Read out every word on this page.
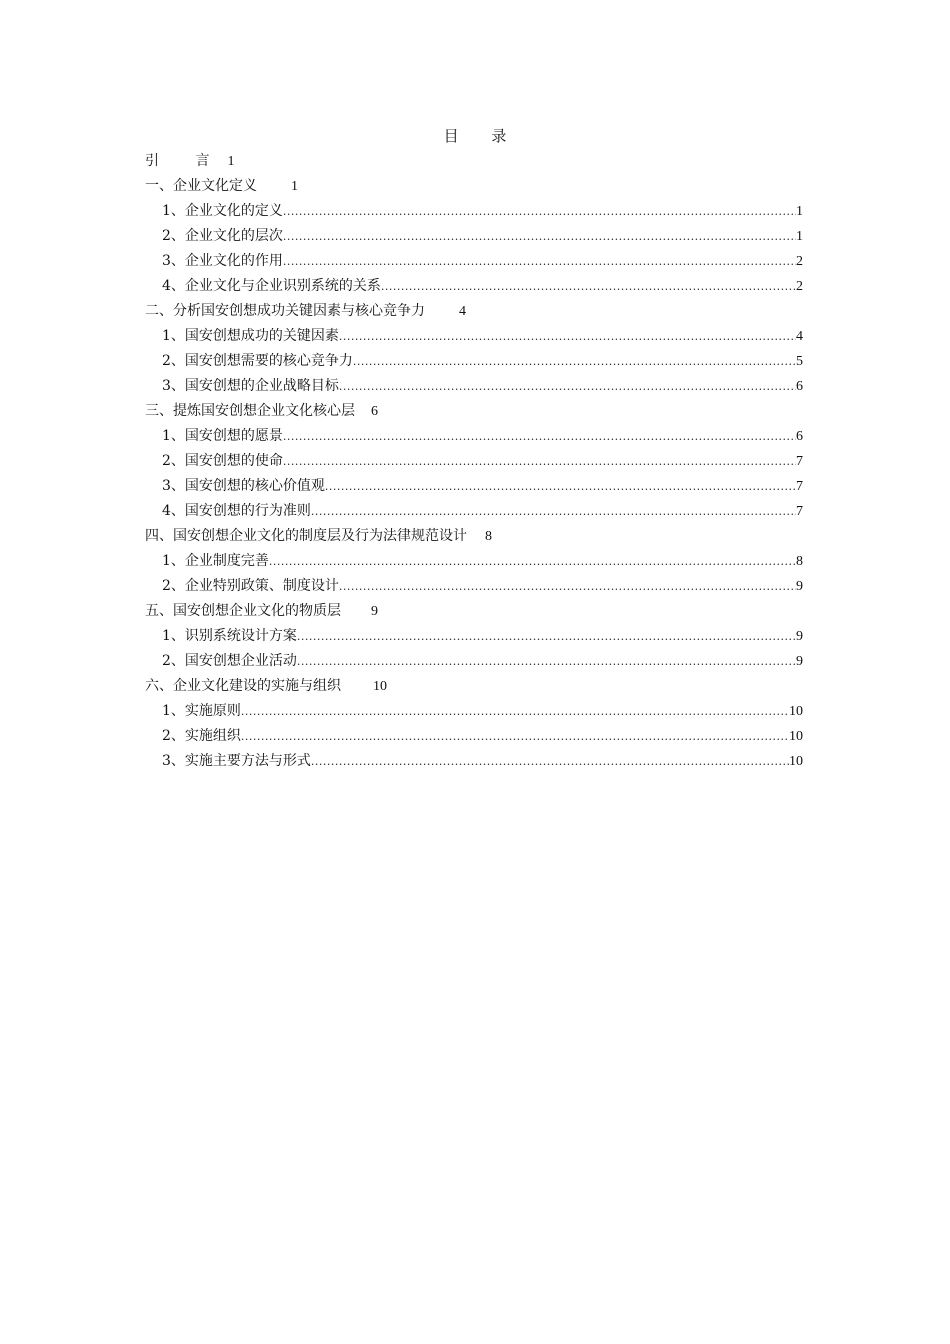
目 录
引 言 1
一、企业文化定义 1
1、企业文化的定义 .....	1
2、企业文化的层次 .....	1
3、企业文化的作用 .....	2
4、企业文化与企业识别系统的关系 .....	2
二、分析国安创想成功关键因素与核心竞争力 4
1、国安创想成功的关键因素 .....	4
2、国安创想需要的核心竞争力 .....	5
3、国安创想的企业战略目标 .....	6
三、提炼国安创想企业文化核心层 6
1、国安创想的愿景 .....	6
2、国安创想的使命 .....	7
3、国安创想的核心价值观 .....	7
4、国安创想的行为准则 .....	7
四、国安创想企业文化的制度层及行为法律规范设计 8
1、企业制度完善 .....	8
2、企业特别政策、制度设计 .....	9
五、国安创想企业文化的物质层 9
1、识别系统设计方案 .....	9
2、国安创想企业活动 .....	9
六、企业文化建设的实施与组织 10
1、实施原则 .....	10
2、实施组织 .....	10
3、实施主要方法与形式 .....	10
